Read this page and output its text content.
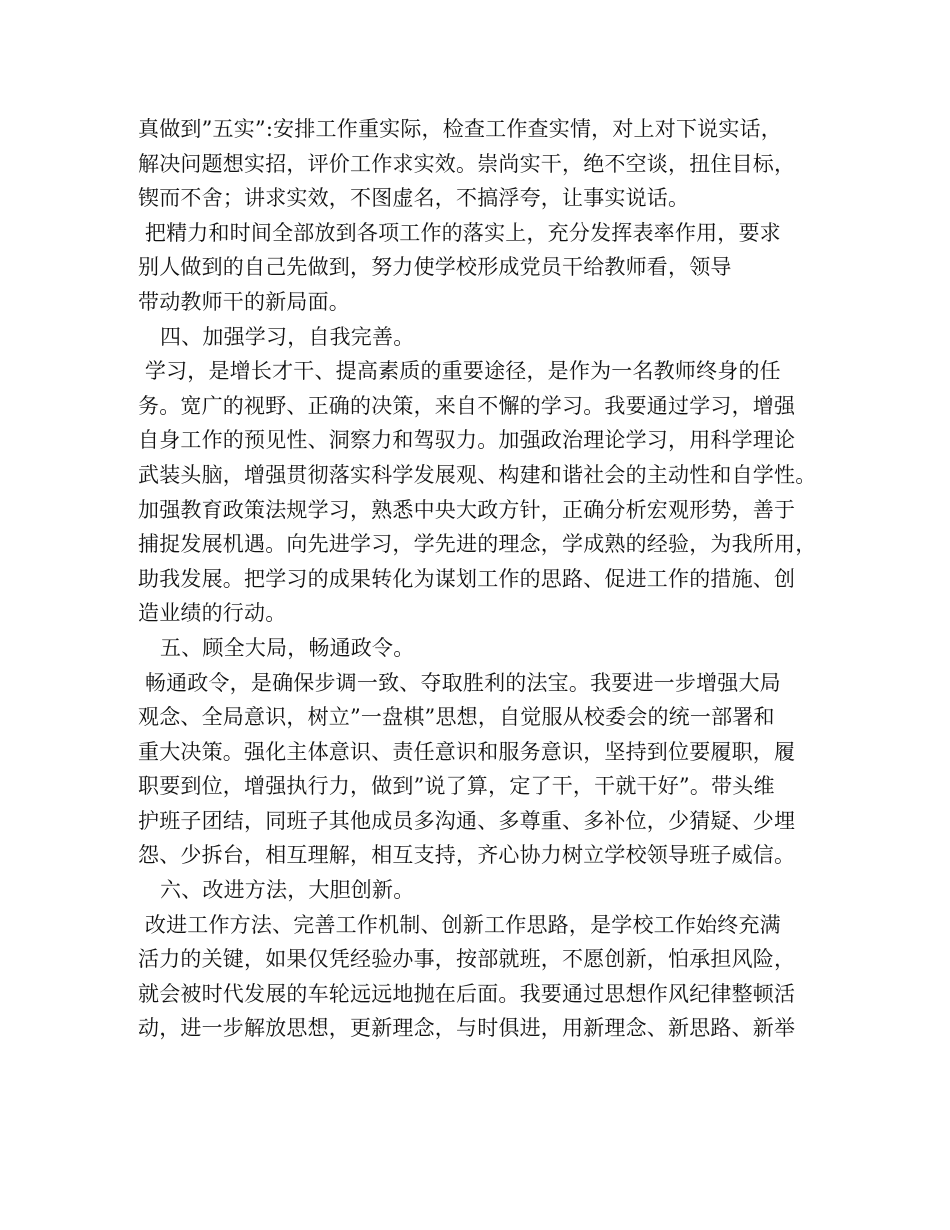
真做到”五实”:安排工作重实际，检查工作查实情，对上对下说实话，
解决问题想实招，评价工作求实效。崇尚实干，绝不空谈，扭住目标，
锲而不舍；讲求实效，不图虚名，不搞浮夸，让事实说话。
把精力和时间全部放到各项工作的落实上，充分发挥表率作用，要求
别人做到的自己先做到，努力使学校形成党员干给教师看，领导
带动教师干的新局面。
四、加强学习，自我完善。
学习，是增长才干、提高素质的重要途径，是作为一名教师终身的任
务。宽广的视野、正确的决策，来自不懈的学习。我要通过学习，增强
自身工作的预见性、洞察力和驾驭力。加强政治理论学习，用科学理论
武装头脑，增强贯彻落实科学发展观、构建和谐社会的主动性和自学性。
加强教育政策法规学习，熟悉中央大政方针，正确分析宏观形势，善于
捕捉发展机遇。向先进学习，学先进的理念，学成熟的经验，为我所用，
助我发展。把学习的成果转化为谋划工作的思路、促进工作的措施、创
造业绩的行动。
五、顾全大局，畅通政令。
畅通政令，是确保步调一致、夺取胜利的法宝。我要进一步增强大局
观念、全局意识，树立”一盘棋”思想，自觉服从校委会的统一部署和
重大决策。强化主体意识、责任意识和服务意识，坚持到位要履职，履
职要到位，增强执行力，做到”说了算，定了干，干就干好”。带头维
护班子团结，同班子其他成员多沟通、多尊重、多补位，少猜疑、少埋
怨、少拆台，相互理解，相互支持，齐心协力树立学校领导班子威信。
六、改进方法，大胆创新。
改进工作方法、完善工作机制、创新工作思路，是学校工作始终充满
活力的关键，如果仅凭经验办事，按部就班，不愿创新，怕承担风险，
就会被时代发展的车轮远远地抛在后面。我要通过思想作风纪律整顿活
动，进一步解放思想，更新理念，与时俱进，用新理念、新思路、新举
